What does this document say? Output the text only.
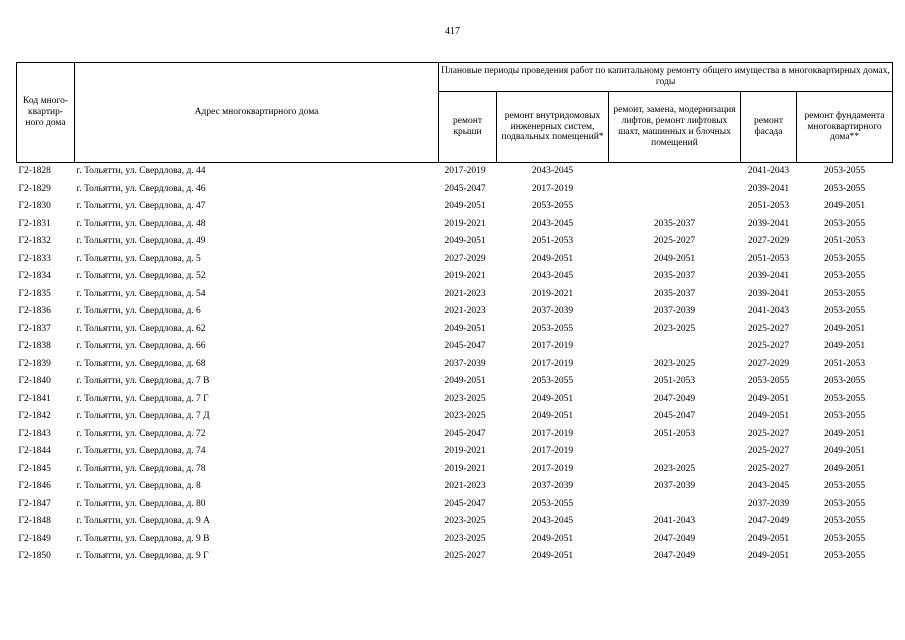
417
Код много-квартир-ного дома	Адрес многоквартирного дома	Плановые периоды проведения работ по капитальному ремонту общего имущества в многоквартирных домах, годы				
		ремонт крыши	ремонт внутридомовых инженерных систем, подвальных помещений*	ремонт, замена, модернизация лифтов, ремонт лифтовых шахт, машинных и блочных помещений	ремонт фасада	ремонт фундамента многоквартирного дома**
Г2-1828	г. Тольятти, ул. Свердлова, д. 44	2017-2019	2043-2045		2041-2043	2053-2055
Г2-1829	г. Тольятти, ул. Свердлова, д. 46	2045-2047	2017-2019		2039-2041	2053-2055
Г2-1830	г. Тольятти, ул. Свердлова, д. 47	2049-2051	2053-2055		2051-2053	2049-2051
Г2-1831	г. Тольятти, ул. Свердлова, д. 48	2019-2021	2043-2045	2035-2037	2039-2041	2053-2055
Г2-1832	г. Тольятти, ул. Свердлова, д. 49	2049-2051	2051-2053	2025-2027	2027-2029	2051-2053
Г2-1833	г. Тольятти, ул. Свердлова, д. 5	2027-2029	2049-2051	2049-2051	2051-2053	2053-2055
Г2-1834	г. Тольятти, ул. Свердлова, д. 52	2019-2021	2043-2045	2035-2037	2039-2041	2053-2055
Г2-1835	г. Тольятти, ул. Свердлова, д. 54	2021-2023	2019-2021	2035-2037	2039-2041	2053-2055
Г2-1836	г. Тольятти, ул. Свердлова, д. 6	2021-2023	2037-2039	2037-2039	2041-2043	2053-2055
Г2-1837	г. Тольятти, ул. Свердлова, д. 62	2049-2051	2053-2055	2023-2025	2025-2027	2049-2051
Г2-1838	г. Тольятти, ул. Свердлова, д. 66	2045-2047	2017-2019		2025-2027	2049-2051
Г2-1839	г. Тольятти, ул. Свердлова, д. 68	2037-2039	2017-2019	2023-2025	2027-2029	2051-2053
Г2-1840	г. Тольятти, ул. Свердлова, д. 7 В	2049-2051	2053-2055	2051-2053	2053-2055	2053-2055
Г2-1841	г. Тольятти, ул. Свердлова, д. 7 Г	2023-2025	2049-2051	2047-2049	2049-2051	2053-2055
Г2-1842	г. Тольятти, ул. Свердлова, д. 7 Д	2023-2025	2049-2051	2045-2047	2049-2051	2053-2055
Г2-1843	г. Тольятти, ул. Свердлова, д. 72	2045-2047	2017-2019	2051-2053	2025-2027	2049-2051
Г2-1844	г. Тольятти, ул. Свердлова, д. 74	2019-2021	2017-2019		2025-2027	2049-2051
Г2-1845	г. Тольятти, ул. Свердлова, д. 78	2019-2021	2017-2019	2023-2025	2025-2027	2049-2051
Г2-1846	г. Тольятти, ул. Свердлова, д. 8	2021-2023	2037-2039	2037-2039	2043-2045	2053-2055
Г2-1847	г. Тольятти, ул. Свердлова, д. 80	2045-2047	2053-2055		2037-2039	2053-2055
Г2-1848	г. Тольятти, ул. Свердлова, д. 9 А	2023-2025	2043-2045	2041-2043	2047-2049	2053-2055
Г2-1849	г. Тольятти, ул. Свердлова, д. 9 В	2023-2025	2049-2051	2047-2049	2049-2051	2053-2055
Г2-1850	г. Тольятти, ул. Свердлова, д. 9 Г	2025-2027	2049-2051	2047-2049	2049-2051	2053-2055
